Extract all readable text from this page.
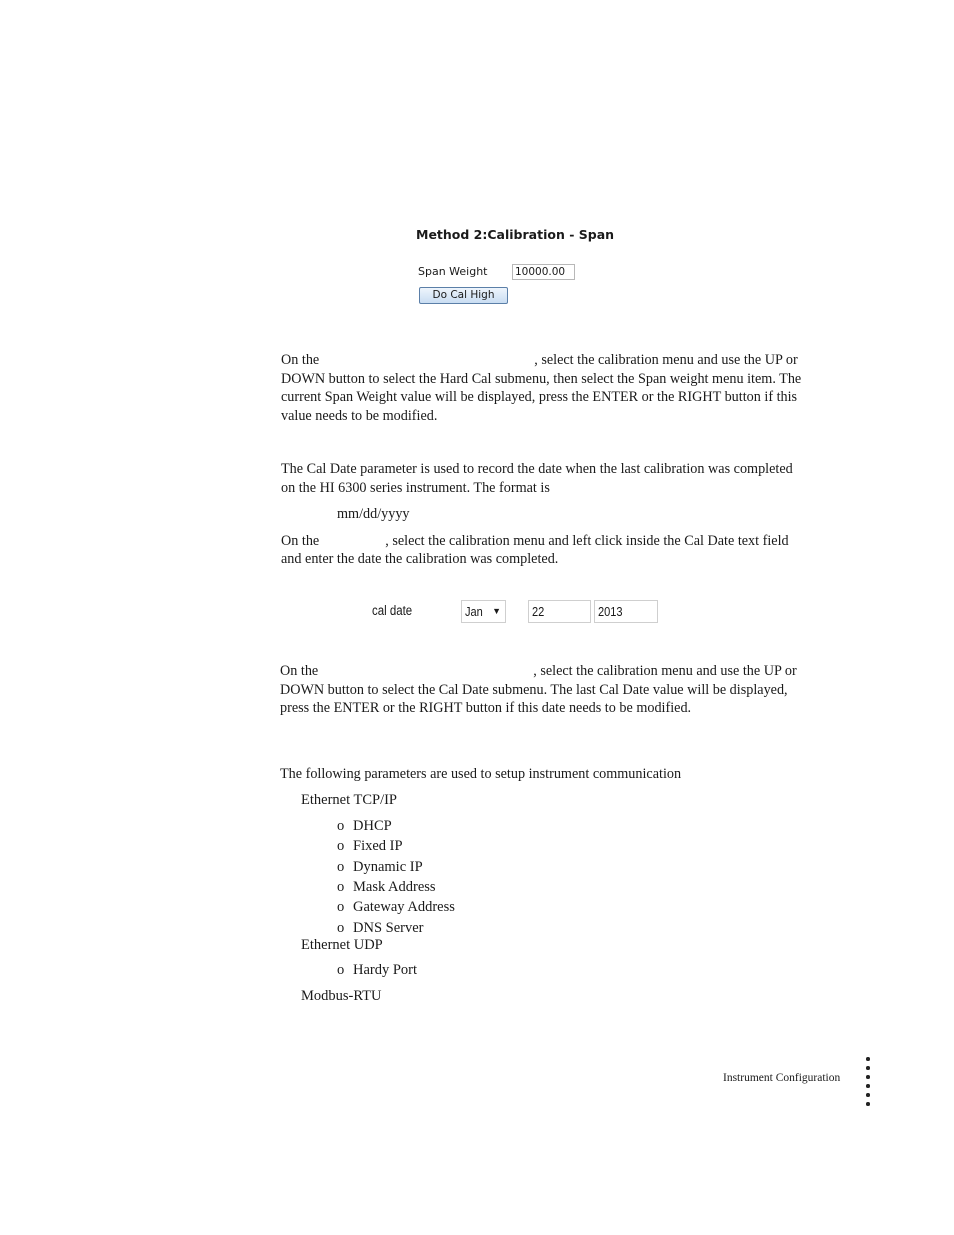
Method 2:Calibration - Span
Span Weight	10000.00
Do Cal High
On the	, select the calibration menu and use the UP or
DOWN button to select the Hard Cal submenu, then select the Span weight menu item. The
current Span Weight value will be displayed, press the ENTER or the RIGHT button if this
value needs to be modified.
The Cal Date parameter is used to record the date when the last calibration was completed
on the HI 6300 series instrument. The format is
mm/dd/yyyy
On the	, select the calibration menu and left click inside the Cal Date text field
and enter the date the calibration was completed.
cal date	Jan ▼	22	2013
On the	, select the calibration menu and use the UP or
DOWN button to select the Cal Date submenu. The last Cal Date value will be displayed,
press the ENTER or the RIGHT button if this date needs to be modified.
The following parameters are used to setup instrument communication
Ethernet TCP/IP
o DHCP
o Fixed IP
o Dynamic IP
o Mask Address
o Gateway Address
o DNS Server
Ethernet UDP
o Hardy Port
Modbus-RTU
Instrument Configuration
